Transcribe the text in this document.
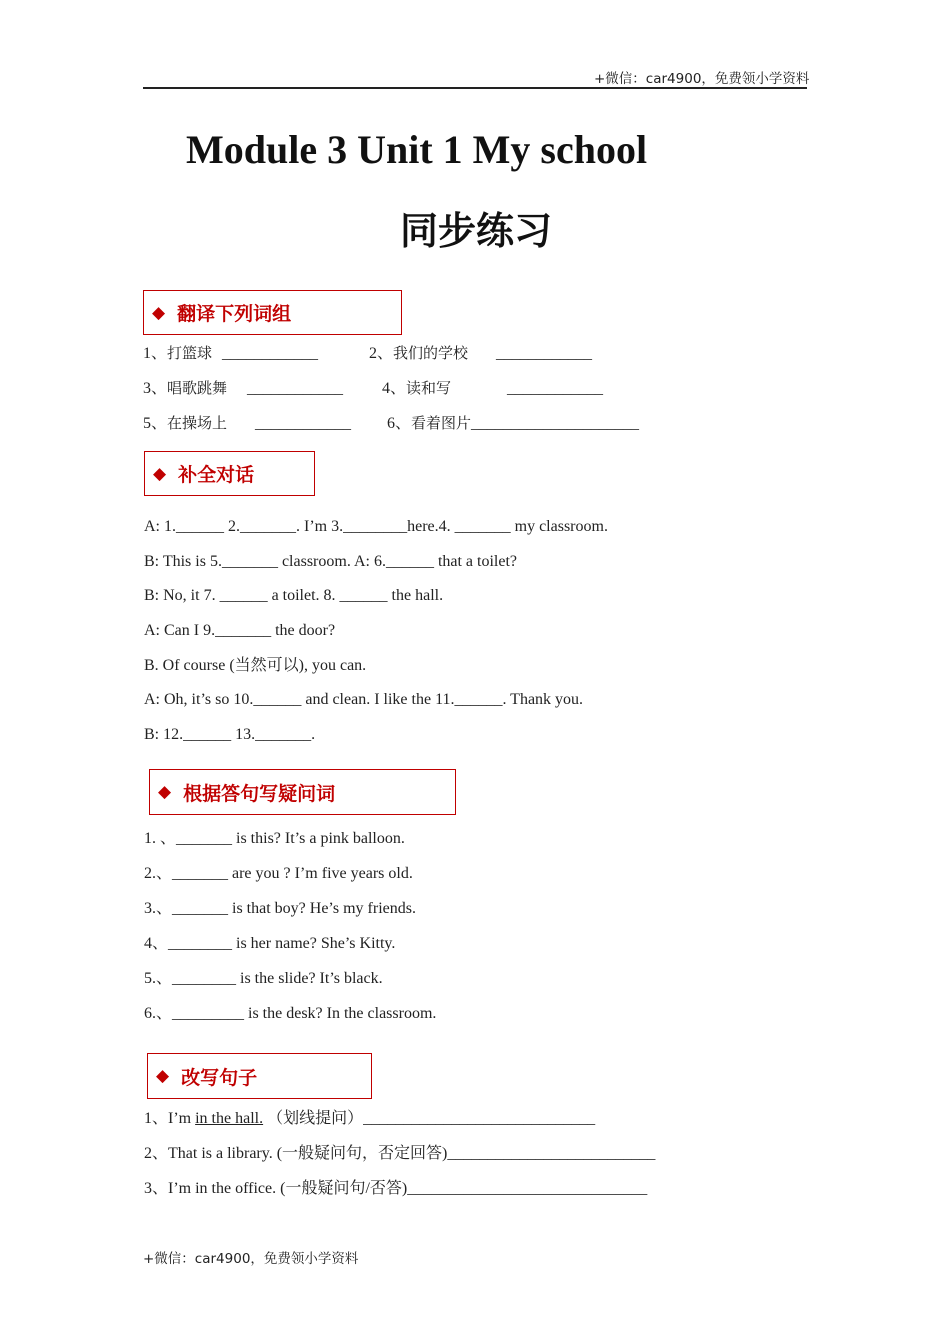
+微信：car4900，免费领小学资料
Module 3 Unit 1 My school
同步练习
◆ 翻译下列词组
1、打篮球 ____________	2、我们的学校 ____________
3、唱歌跳舞 ____________ 4、读和写	____________
5、在操场上 ____________ 6、看着图片_____________________
◆ 补全对话
A: 1.______ 2._______. I’m 3.________here.4. _______ my classroom.
B: This is 5._______ classroom. A: 6.______ that a toilet?
B: No, it 7. ______ a toilet. 8. ______ the hall.
A: Can I 9._______ the door?
B. Of course (当然可以), you can.
A: Oh, it’s so 10.______ and clean. I like the 11.______. Thank you.
B: 12.______ 13._______.
◆ 根据答句写疑问词
1. 、_______ is this? It’s a pink balloon.
2.、_______ are you ? I’m five years old.
3.、_______ is that boy? He’s my friends.
4、________ is her name? She’s Kitty.
5.、________ is the slide? It’s black.
6.、_________ is the desk? In the classroom.
◆ 改写句子
1、I’m in the hall. （划线提问）_____________________________
2、That is a library. (一般疑问句，否定回答)__________________________
3、I’m in the office. (一般疑问句/否答)______________________________
+微信：car4900，免费领小学资料
